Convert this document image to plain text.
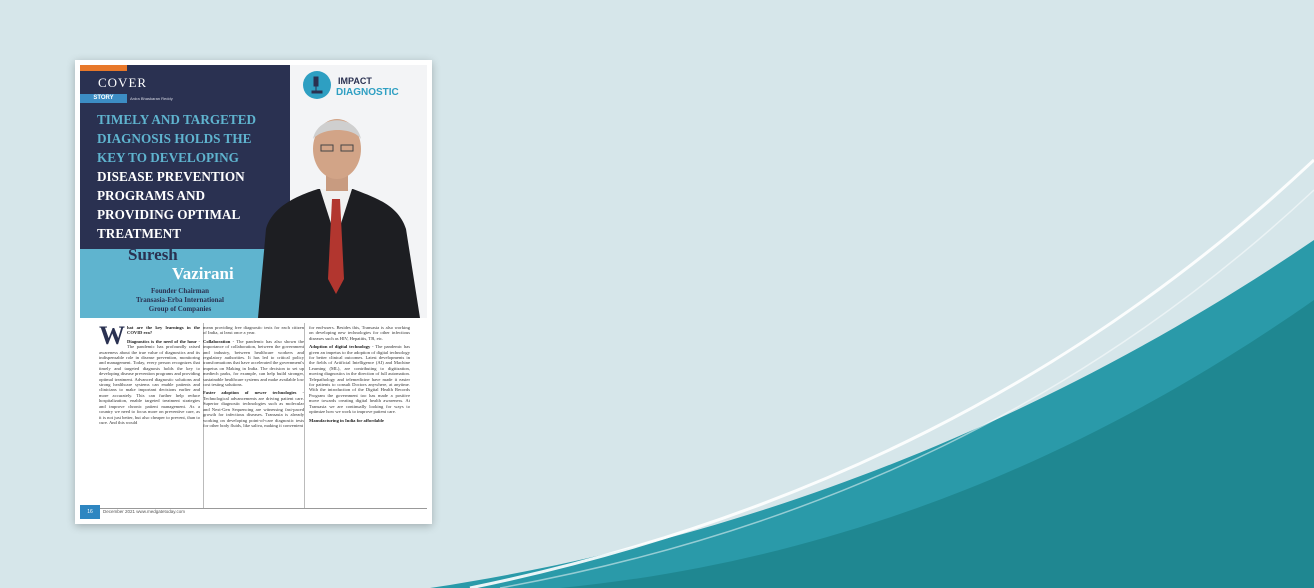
COVER
STORY	Ardra Bhaskaran Reddy
TIMELY AND TARGETED
DIAGNOSIS HOLDS THE
KEY TO DEVELOPING
DISEASE PREVENTION
PROGRAMS AND
PROVIDING OPTIMAL
TREATMENT
Suresh
Vazirani
Founder Chairman
Transasia-Erba International
Group of Companies
IMPACT
DIAGNOSTIC
W hat are the key learnings in the COVID era?

Diagnostics is the need of the hour - The pandemic has profoundly raised awareness about the true value of diagnostics and its indispensable role in disease prevention, monitoring and management. Today, every person recognizes that timely and targeted diagnosis holds the key to developing disease prevention programs and providing optimal treatment. Advanced diagnostic solutions and strong healthcare systems can enable patients and clinicians to make important decisions earlier and more accurately. This can further help reduce hospitalization, enable targeted treatment strategies and improve chronic patient management. As a country we need to focus more on preventive care, as it is not just better, but also cheaper to prevent, than to cure. And this would

mean providing free diagnostic tests for each citizen of India, at least once a year.

Collaboration - The pandemic has also shown the importance of collaboration, between the government and industry, between healthcare workers and regulatory authorities. It has led to critical policy transformations that have accelerated the government's impetus on Making in India. The decision to set up medtech parks, for example, can help build stronger, sustainable healthcare systems and make available low cost testing solutions.

Faster adoption of newer technologies - Technological advancements are driving patient care. Superior diagnostic technologies such as molecular and Next-Gen Sequencing are witnessing fast-paced growth for infectious diseases. Transasia is already working on developing point-of-care diagnostic tests for other body fluids, like saliva, making it convenient

for end-users. Besides this, Transasia is also working on developing new technologies for other infectious diseases such as HIV, Hepatitis, TB, etc.

Adoption of digital technology - The pandemic has given an impetus to the adoption of digital technology for better clinical outcomes. Latest developments in the fields of Artificial Intelligence (AI) and Machine Learning (ML), are contributing to digitization, moving diagnostics in the direction of full automation. Telepathology and telemedicine have made it easier for patients to consult Doctors anywhere, at anytime. With the introduction of the Digital Health Records Program the government too has made a positive move towards creating digital health awareness. At Transasia we are continually looking for ways to optimize how we work to improve patient care.

Manufacturing in India for affordable

16	December 2021 www.medgatetoday.com
